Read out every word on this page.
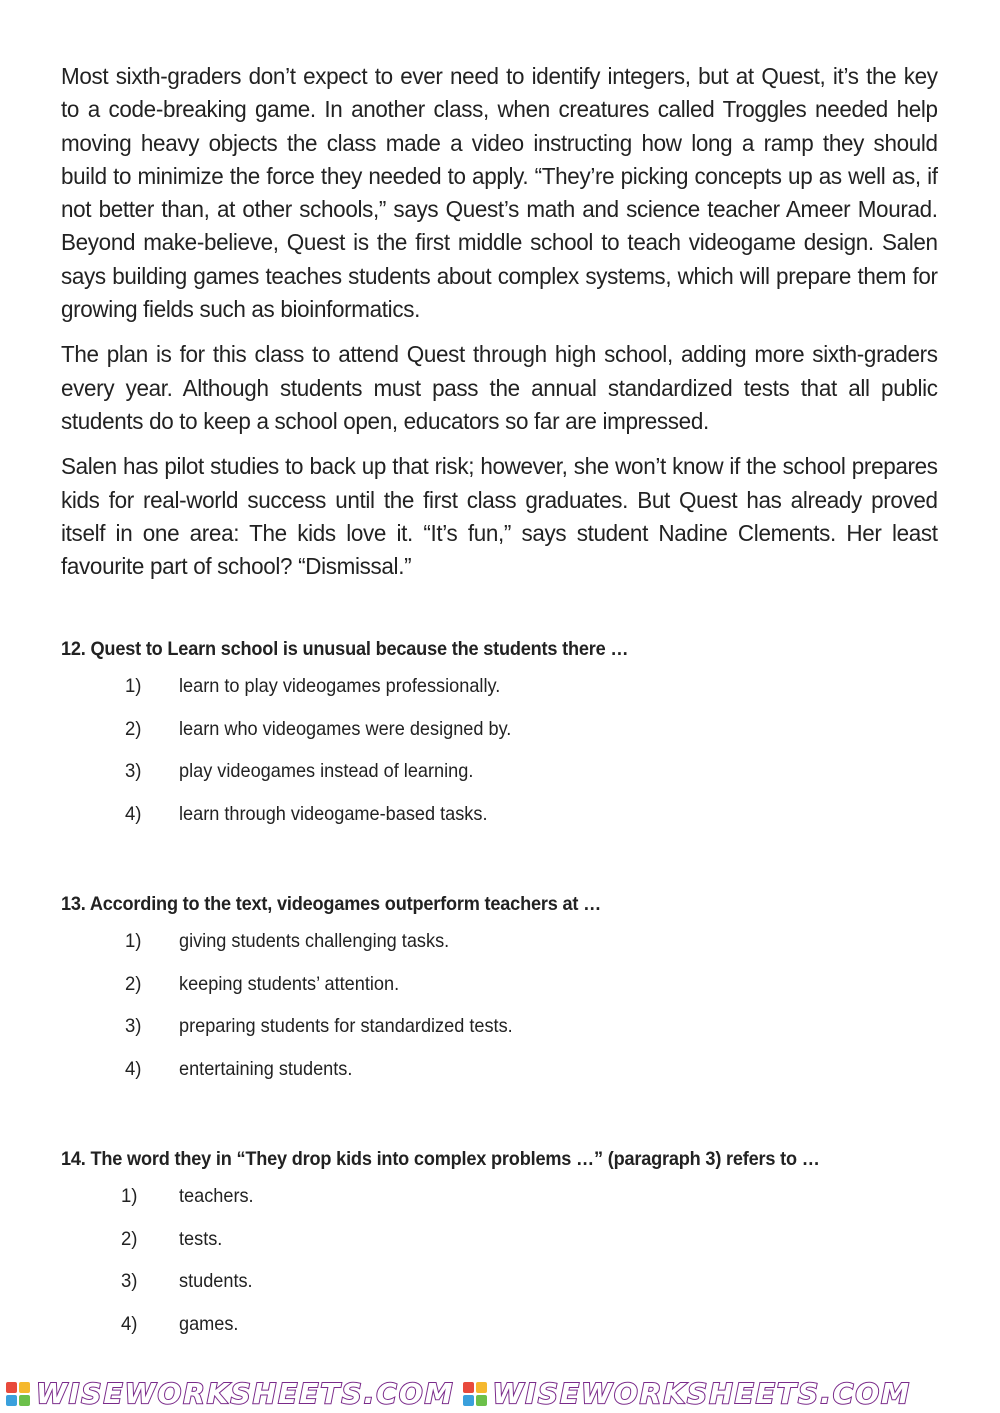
Most sixth-graders don’t expect to ever need to identify integers, but at Quest, it’s the key to a code-breaking game. In another class, when creatures called Troggles needed help moving heavy objects the class made a video instructing how long a ramp they should build to minimize the force they needed to apply. “They’re picking concepts up as well as, if not better than, at other schools,” says Quest’s math and science teacher Ameer Mourad. Beyond make-believe, Quest is the first middle school to teach videogame design. Salen says building games teaches students about complex systems, which will prepare them for growing fields such as bioinformatics.

The plan is for this class to attend Quest through high school, adding more sixth-graders every year. Although students must pass the annual standardized tests that all public students do to keep a school open, educators so far are impressed.

Salen has pilot studies to back up that risk; however, she won’t know if the school prepares kids for real-world success until the first class graduates. But Quest has already proved itself in one area: The kids love it. “It’s fun,” says student Nadine Clements. Her least favourite part of school? “Dismissal.”

12. Quest to Learn school is unusual because the students there …
1) learn to play videogames professionally.
2) learn who videogames were designed by.
3) play videogames instead of learning.
4) learn through videogame-based tasks.
13. According to the text, videogames outperform teachers at …
1) giving students challenging tasks.
2) keeping students’ attention.
3) preparing students for standardized tests.
4) entertaining students.
14. The word they in “They drop kids into complex problems …” (paragraph 3) refers to …
1) teachers.
2) tests.
3) students.
4) games.
WISEWORKSHEETS.COM WISEWORKSHEETS.COM
